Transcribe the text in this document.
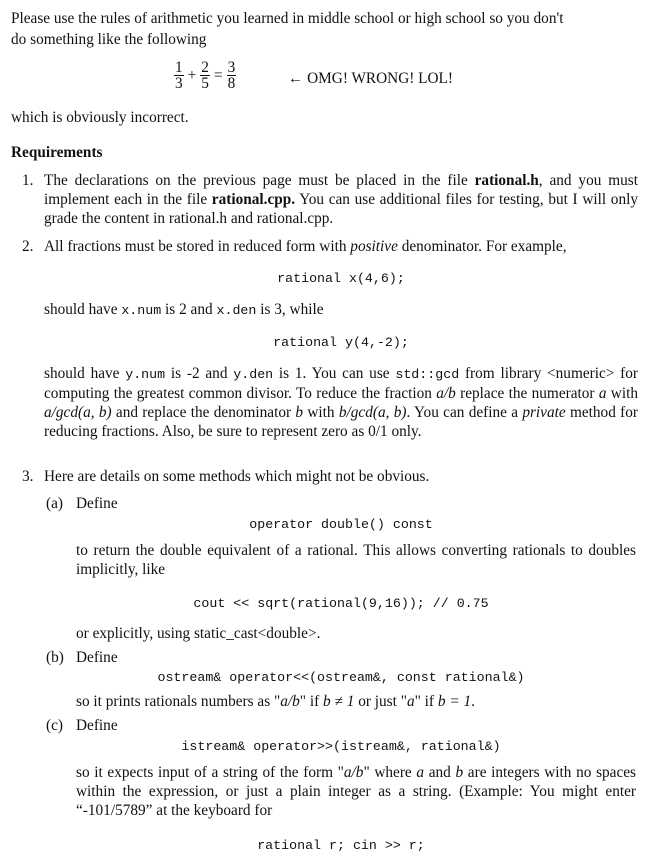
Please use the rules of arithmetic you learned in middle school or high school so you don't
do something like the following
$\frac{1}{3} + \frac{2}{5} = \frac{3}{8}$	← OMG! WRONG! LOL!
which is obviously incorrect.
Requirements
1. The declarations on the previous page must be placed in the file rational.h, and you must implement each in the file rational.cpp. You can use additional files for testing, but I will only grade the content in rational.h and rational.cpp.
2. All fractions must be stored in reduced form with positive denominator. For example,
rational x(4,6);
should have x.num is 2 and x.den is 3, while
rational y(4,-2);
should have y.num is -2 and y.den is 1. You can use std::gcd from library <numeric> for computing the greatest common divisor. To reduce the fraction a/b replace the numerator a with a/gcd(a, b) and replace the denominator b with b/gcd(a, b). You can define a private method for reducing fractions. Also, be sure to represent zero as 0/1 only.
3. Here are details on some methods which might not be obvious.
(a) Define
operator double() const
to return the double equivalent of a rational. This allows converting rationals to doubles implicitly, like
cout << sqrt(rational(9,16)); // 0.75
or explicitly, using static_cast<double>.
(b) Define
ostream& operator<<(ostream&, const rational&)
so it prints rationals numbers as "a/b" if b ≠ 1 or just "a" if b = 1.
(c) Define
istream& operator>>(istream&, rational&)
so it expects input of a string of the form "a/b" where a and b are integers with no spaces within the expression, or just a plain integer as a string. (Example: You might enter “-101/5789” at the keyboard for
rational r; cin >> r;
